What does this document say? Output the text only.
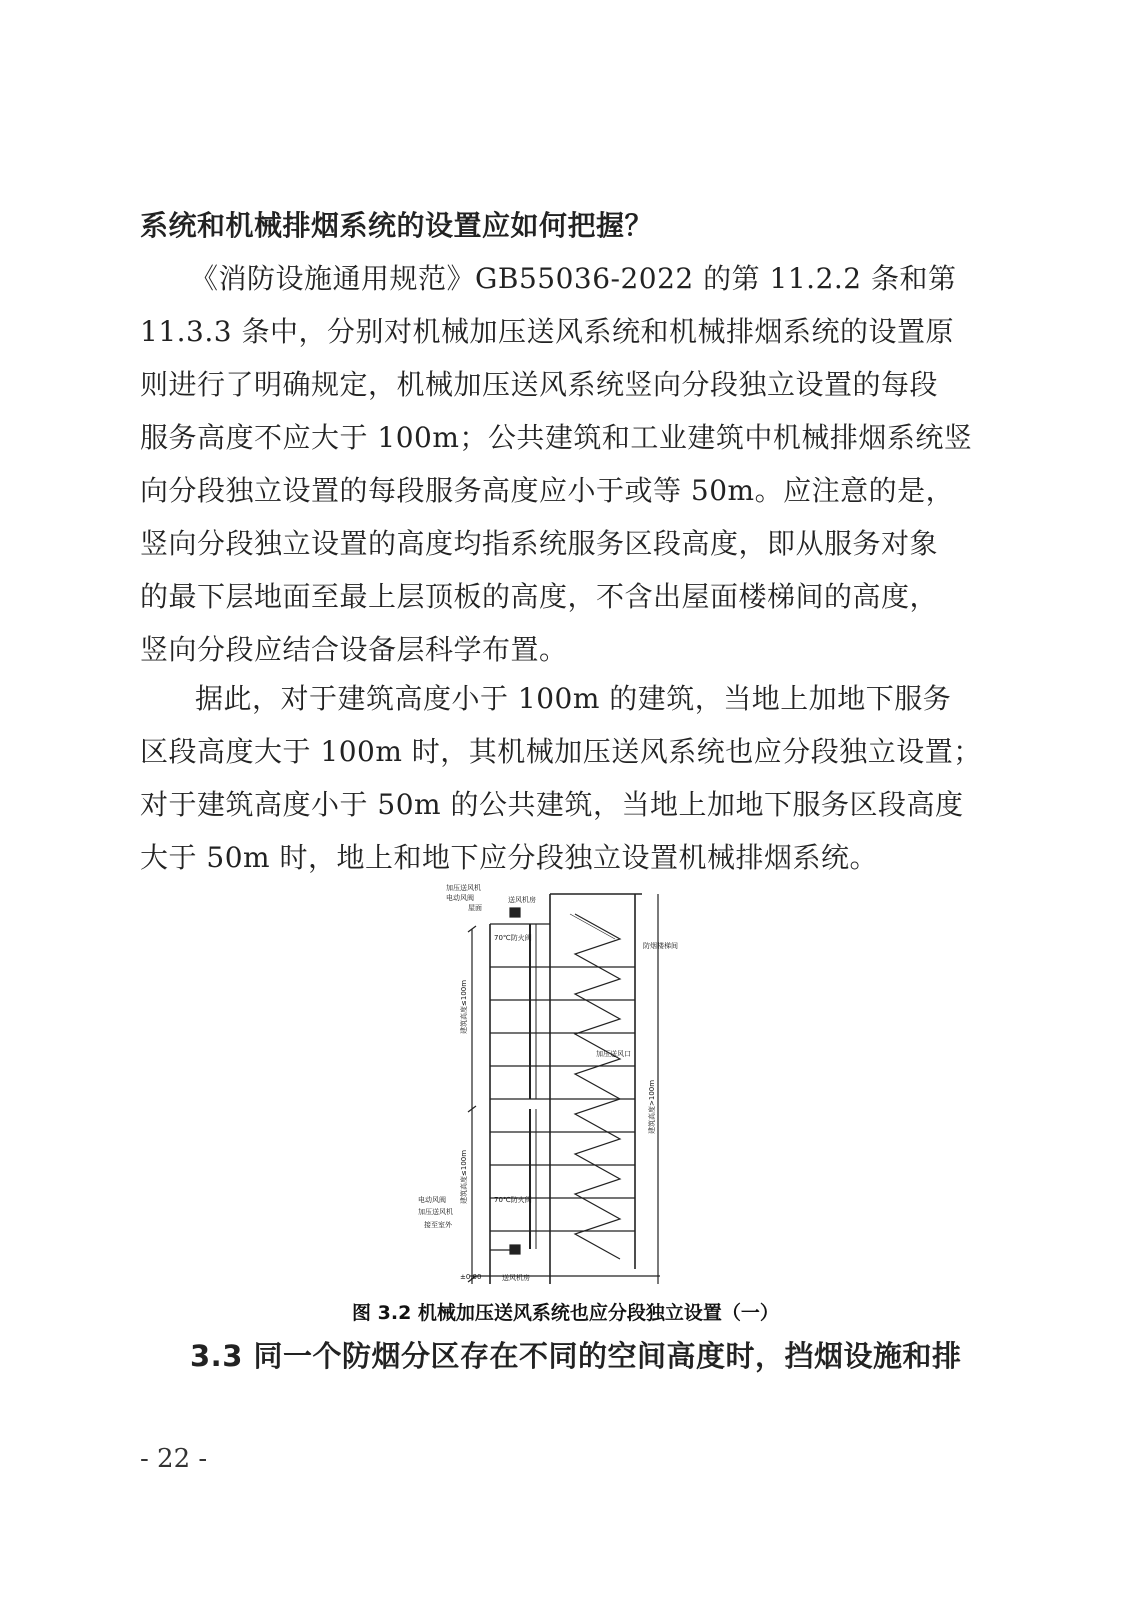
系统和机械排烟系统的设置应如何把握？
《消防设施通用规范》GB55036-2022 的第 11.2.2 条和第
11.3.3 条中，分别对机械加压送风系统和机械排烟系统的设置原
则进行了明确规定，机械加压送风系统竖向分段独立设置的每段
服务高度不应大于 100m；公共建筑和工业建筑中机械排烟系统竖
向分段独立设置的每段服务高度应小于或等 50m。应注意的是，
竖向分段独立设置的高度均指系统服务区段高度，即从服务对象
的最下层地面至最上层顶板的高度，不含出屋面楼梯间的高度，
竖向分段应结合设备层科学布置。
据此，对于建筑高度小于 100m 的建筑，当地上加地下服务
区段高度大于 100m 时，其机械加压送风系统也应分段独立设置；
对于建筑高度小于 50m 的公共建筑，当地上加地下服务区段高度
大于 50m 时，地上和地下应分段独立设置机械排烟系统。
加压送风机
电动风阀
屋面
送风机房
70℃防火阀
防烟楼梯间
加压送风口
建筑高度≤100m
建筑高度≤100m
建筑高度>100m
电动风阀
加压送风机
接至室外
70℃防火阀
±0.00	送风机房
图 3.2 机械加压送风系统也应分段独立设置（一）
3.3 同一个防烟分区存在不同的空间高度时，挡烟设施和排
- 22 -
